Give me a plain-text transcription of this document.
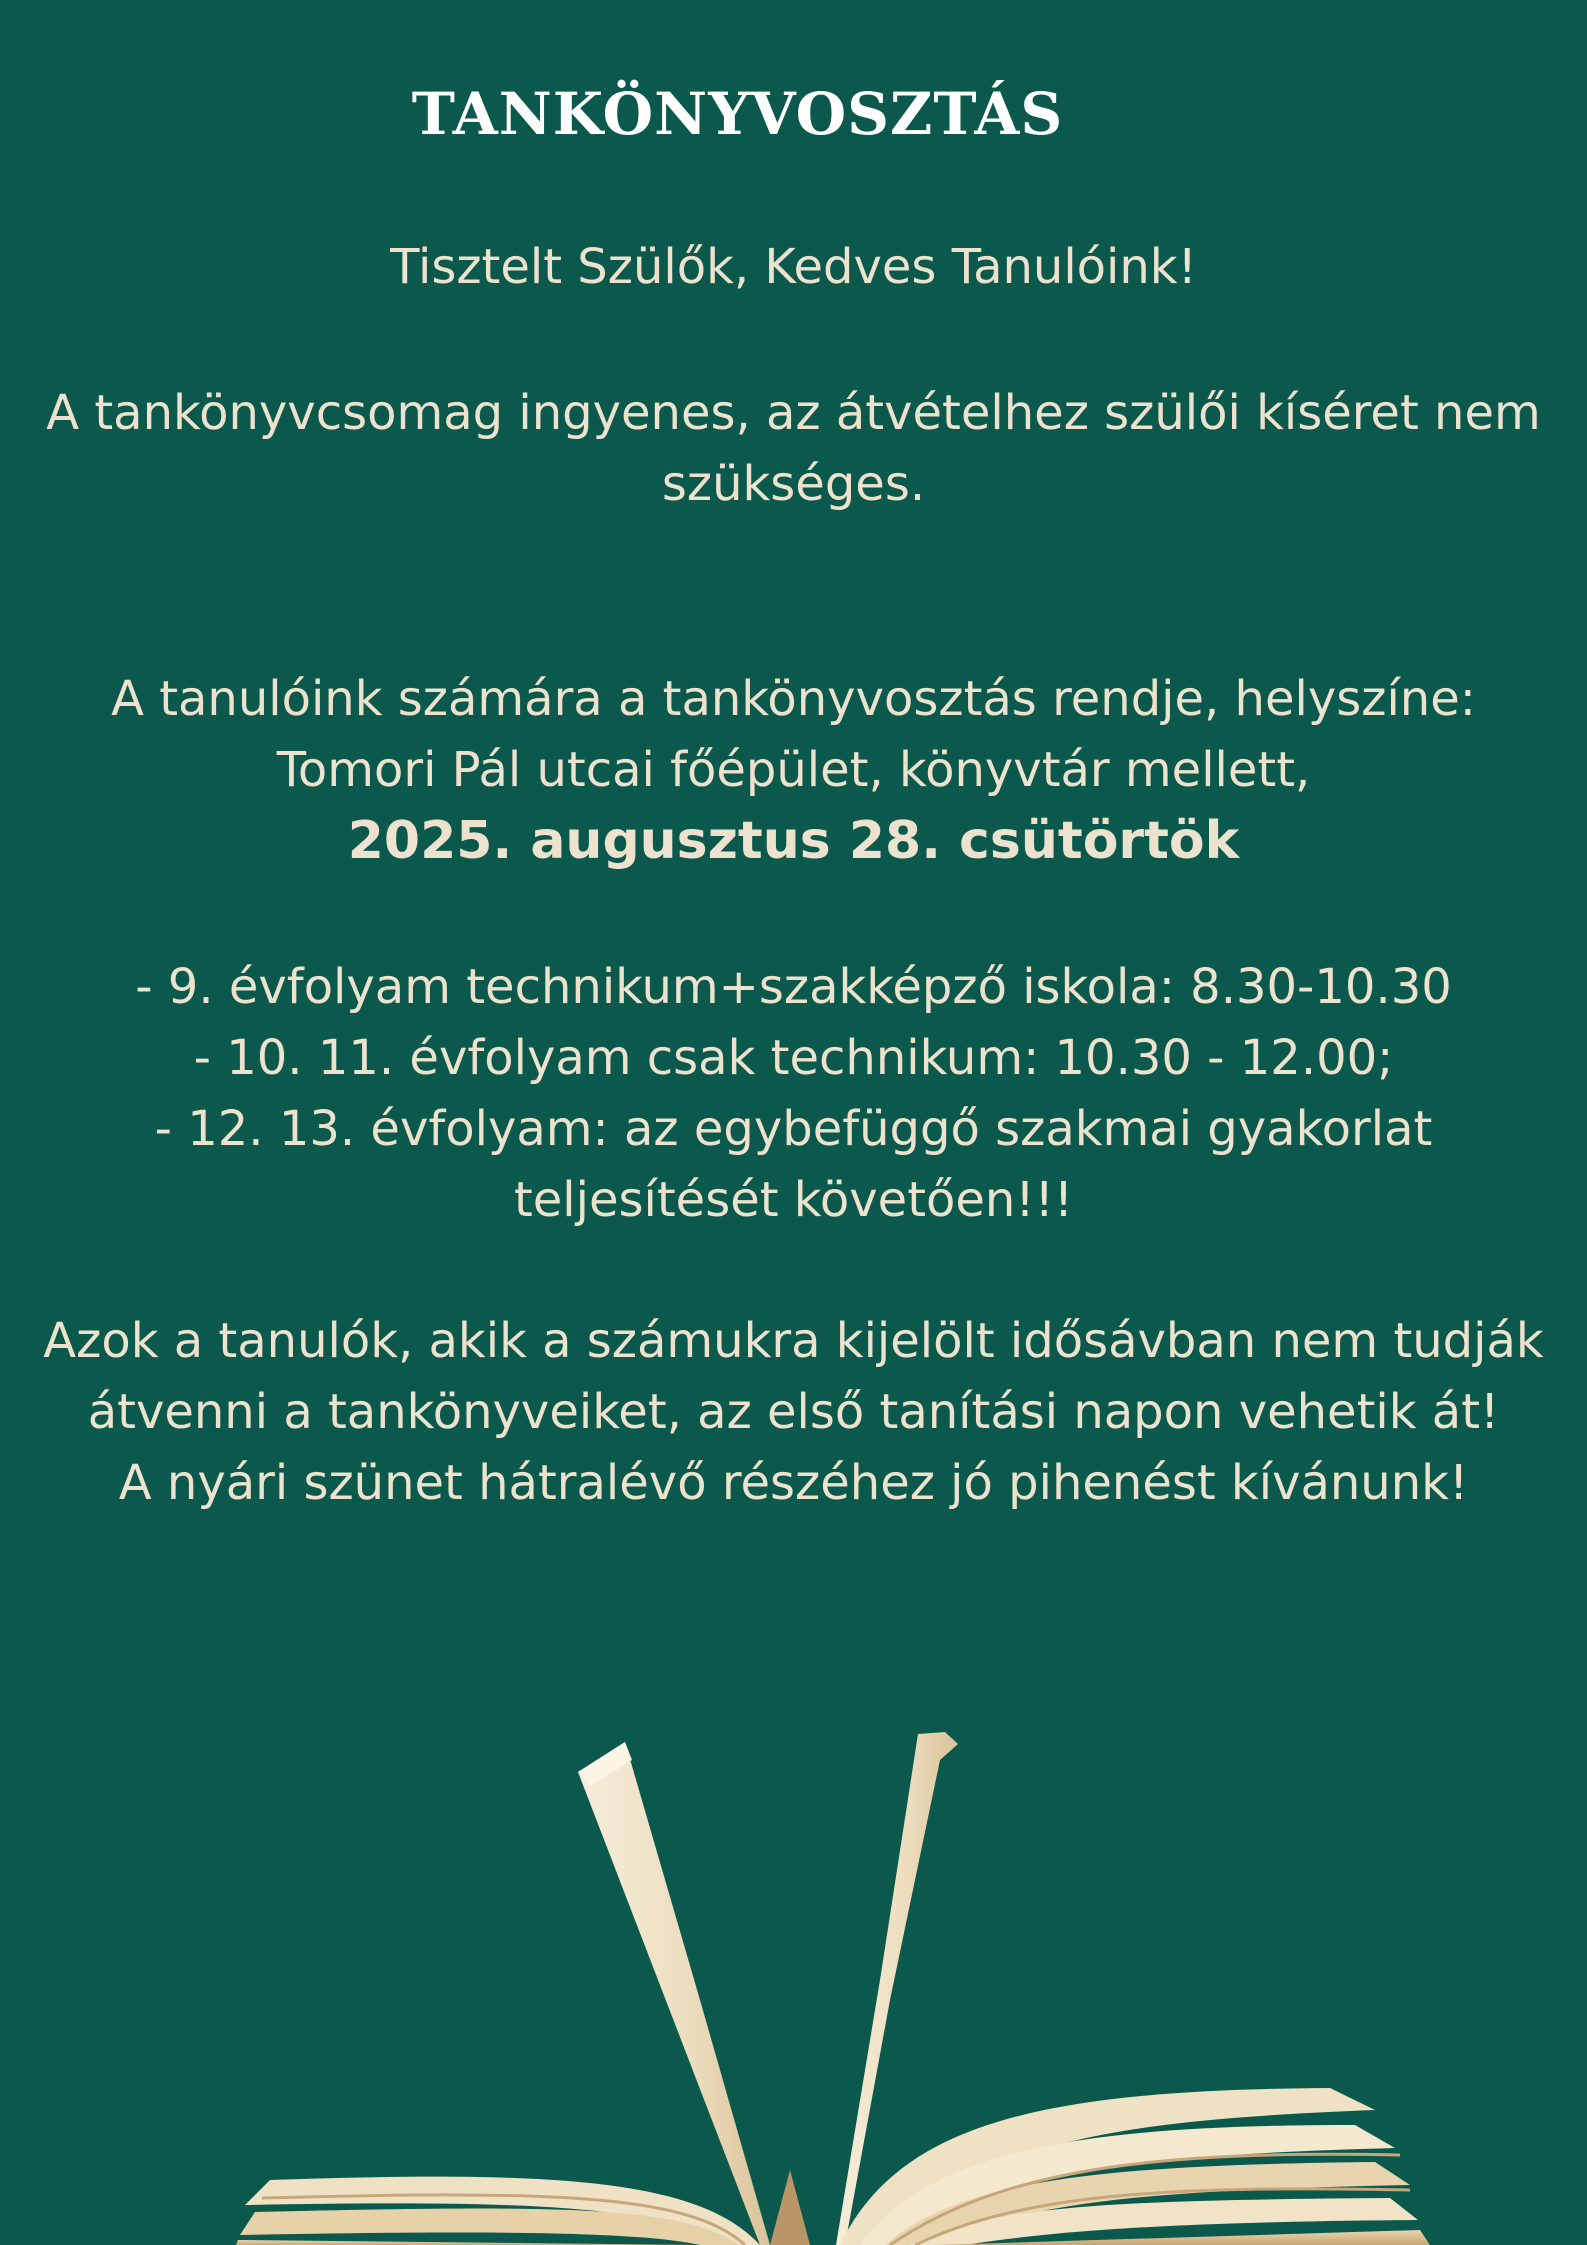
TANKÖNYVOSZTÁS

Tisztelt Szülők, Kedves Tanulóink!

A tankönyvcsomag ingyenes, az átvételhez szülői kíséret nem szükséges.

A tanulóink számára a tankönyvosztás rendje, helyszíne:
Tomori Pál utcai főépület, könyvtár mellett,
2025. augusztus 28. csütörtök

- 9. évfolyam technikum+szakképző iskola: 8.30-10.30
- 10. 11. évfolyam csak technikum: 10.30 - 12.00;
- 12. 13. évfolyam: az egybefüggő szakmai gyakorlat teljesítését követően!!!

Azok a tanulók, akik a számukra kijelölt idősávban nem tudják átvenni a tankönyveiket, az első tanítási napon vehetik át!
A nyári szünet hátralévő részéhez jó pihenést kívánunk!
